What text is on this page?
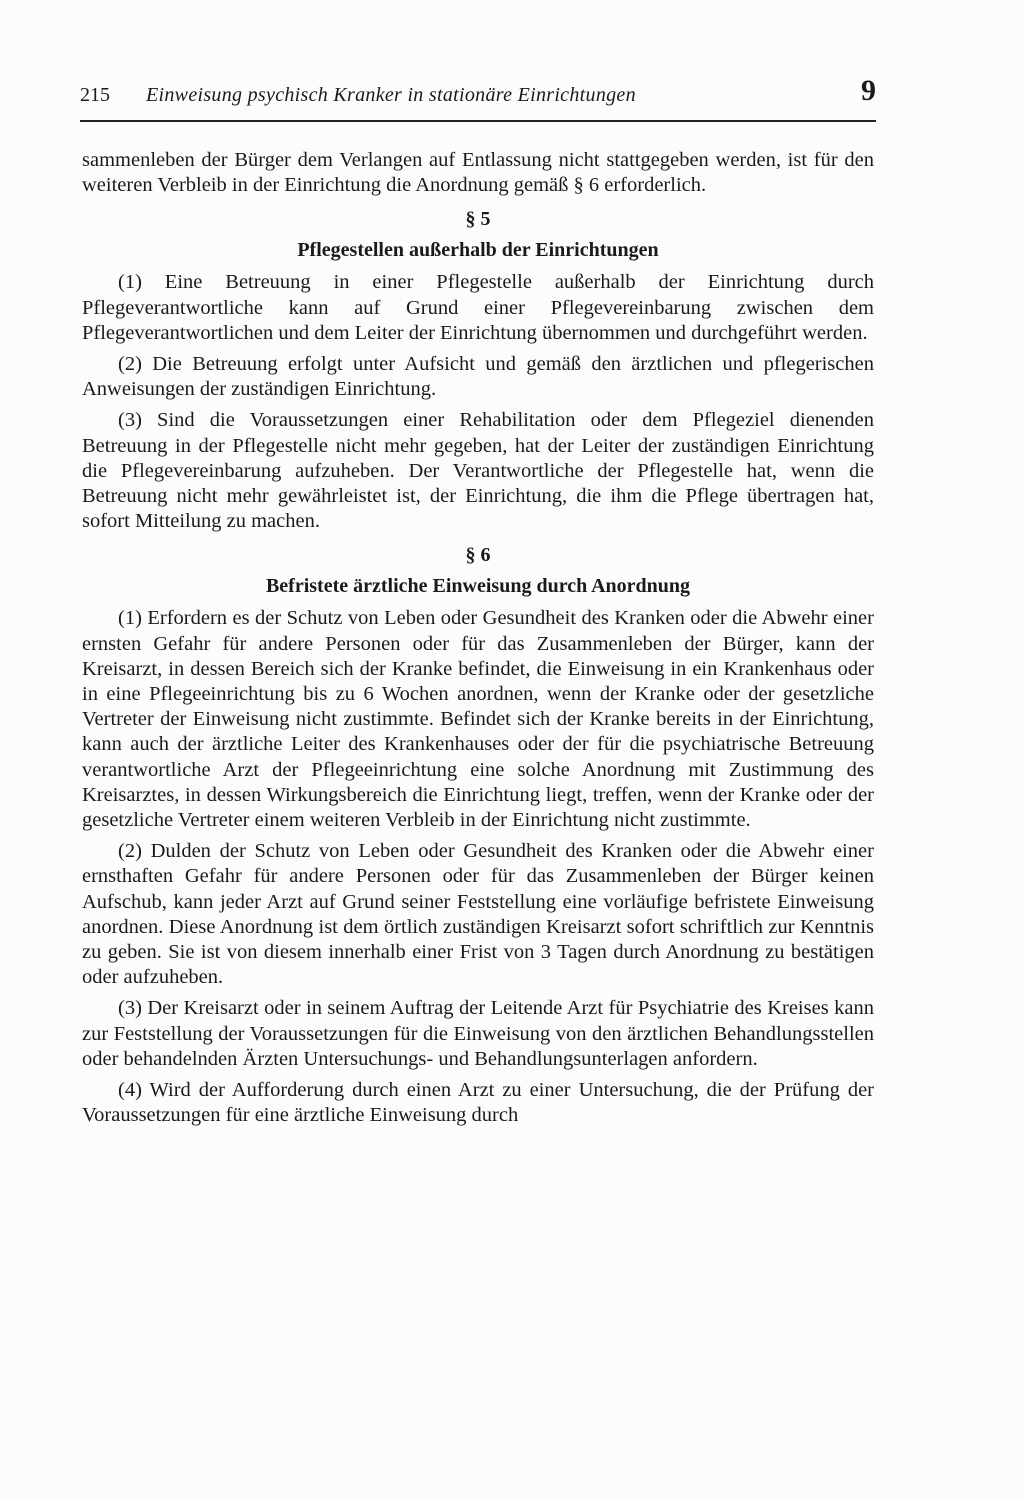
215 Einweisung psychisch Kranker in stationäre Einrichtungen	9

sammenleben der Bürger dem Verlangen auf Entlassung nicht stattgegeben werden, ist für den weiteren Verbleib in der Einrichtung die Anordnung gemäß § 6 erforderlich.

§ 5
Pflegestellen außerhalb der Einrichtungen

(1) Eine Betreuung in einer Pflegestelle außerhalb der Einrichtung durch Pflegeverantwortliche kann auf Grund einer Pflegevereinbarung zwischen dem Pflegeverantwortlichen und dem Leiter der Einrichtung übernommen und durchgeführt werden.

(2) Die Betreuung erfolgt unter Aufsicht und gemäß den ärztlichen und pflegerischen Anweisungen der zuständigen Einrichtung.

(3) Sind die Voraussetzungen einer Rehabilitation oder dem Pflegeziel dienenden Betreuung in der Pflegestelle nicht mehr gegeben, hat der Leiter der zuständigen Einrichtung die Pflegevereinbarung aufzuheben. Der Verantwortliche der Pflegestelle hat, wenn die Betreuung nicht mehr gewährleistet ist, der Einrichtung, die ihm die Pflege übertragen hat, sofort Mitteilung zu machen.

§ 6
Befristete ärztliche Einweisung durch Anordnung

(1) Erfordern es der Schutz von Leben oder Gesundheit des Kranken oder die Abwehr einer ernsten Gefahr für andere Personen oder für das Zusammenleben der Bürger, kann der Kreisarzt, in dessen Bereich sich der Kranke befindet, die Einweisung in ein Krankenhaus oder in eine Pflegeeinrichtung bis zu 6 Wochen anordnen, wenn der Kranke oder der gesetzliche Vertreter der Einweisung nicht zustimmte. Befindet sich der Kranke bereits in der Einrichtung, kann auch der ärztliche Leiter des Krankenhauses oder der für die psychiatrische Betreuung verantwortliche Arzt der Pflegeeinrichtung eine solche Anordnung mit Zustimmung des Kreisarztes, in dessen Wirkungsbereich die Einrichtung liegt, treffen, wenn der Kranke oder der gesetzliche Vertreter einem weiteren Verbleib in der Einrichtung nicht zustimmte.

(2) Dulden der Schutz von Leben oder Gesundheit des Kranken oder die Abwehr einer ernsthaften Gefahr für andere Personen oder für das Zusammenleben der Bürger keinen Aufschub, kann jeder Arzt auf Grund seiner Feststellung eine vorläufige befristete Einweisung anordnen. Diese Anordnung ist dem örtlich zuständigen Kreisarzt sofort schriftlich zur Kenntnis zu geben. Sie ist von diesem innerhalb einer Frist von 3 Tagen durch Anordnung zu bestätigen oder aufzuheben.

(3) Der Kreisarzt oder in seinem Auftrag der Leitende Arzt für Psychiatrie des Kreises kann zur Feststellung der Voraussetzungen für die Einweisung von den ärztlichen Behandlungsstellen oder behandelnden Ärzten Untersuchungs- und Behandlungsunterlagen anfordern.

(4) Wird der Aufforderung durch einen Arzt zu einer Untersuchung, die der Prüfung der Voraussetzungen für eine ärztliche Einweisung durch
